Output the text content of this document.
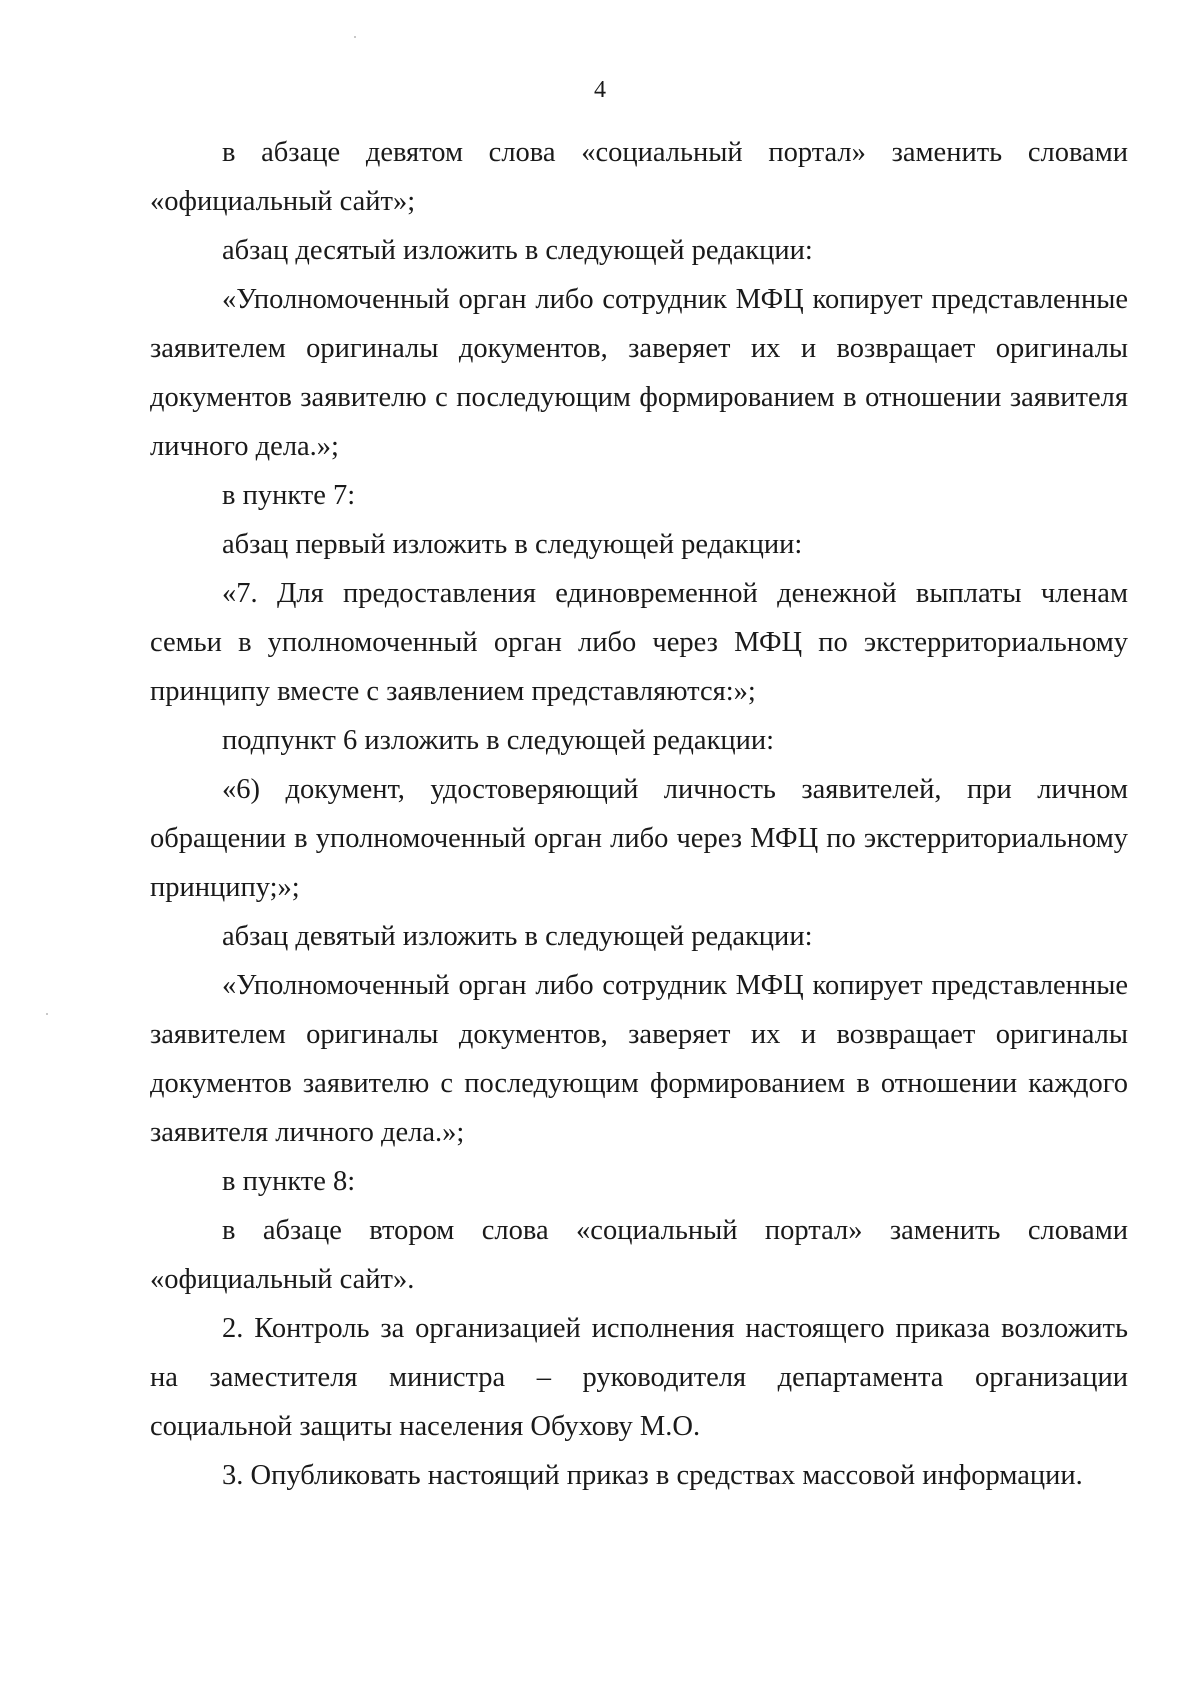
4

в абзаце девятом слова «социальный портал» заменить словами «официальный сайт»;

абзац десятый изложить в следующей редакции:

«Уполномоченный орган либо сотрудник МФЦ копирует представленные заявителем оригиналы документов, заверяет их и возвращает оригиналы документов заявителю с последующим формированием в отношении заявителя личного дела.»;

в пункте 7:

абзац первый изложить в следующей редакции:

«7. Для предоставления единовременной денежной выплаты членам семьи в уполномоченный орган либо через МФЦ по экстерриториальному принципу вместе с заявлением представляются:»;

подпункт 6 изложить в следующей редакции:

«6) документ, удостоверяющий личность заявителей, при личном обращении в уполномоченный орган либо через МФЦ по экстерриториальному принципу;»;

абзац девятый изложить в следующей редакции:

«Уполномоченный орган либо сотрудник МФЦ копирует представленные заявителем оригиналы документов, заверяет их и возвращает оригиналы документов заявителю с последующим формированием в отношении каждого заявителя личного дела.»;

в пункте 8:

в абзаце втором слова «социальный портал» заменить словами «официальный сайт».

2. Контроль за организацией исполнения настоящего приказа возложить на заместителя министра – руководителя департамента организации социальной защиты населения Обухову М.О.

3. Опубликовать настоящий приказ в средствах массовой информации.
